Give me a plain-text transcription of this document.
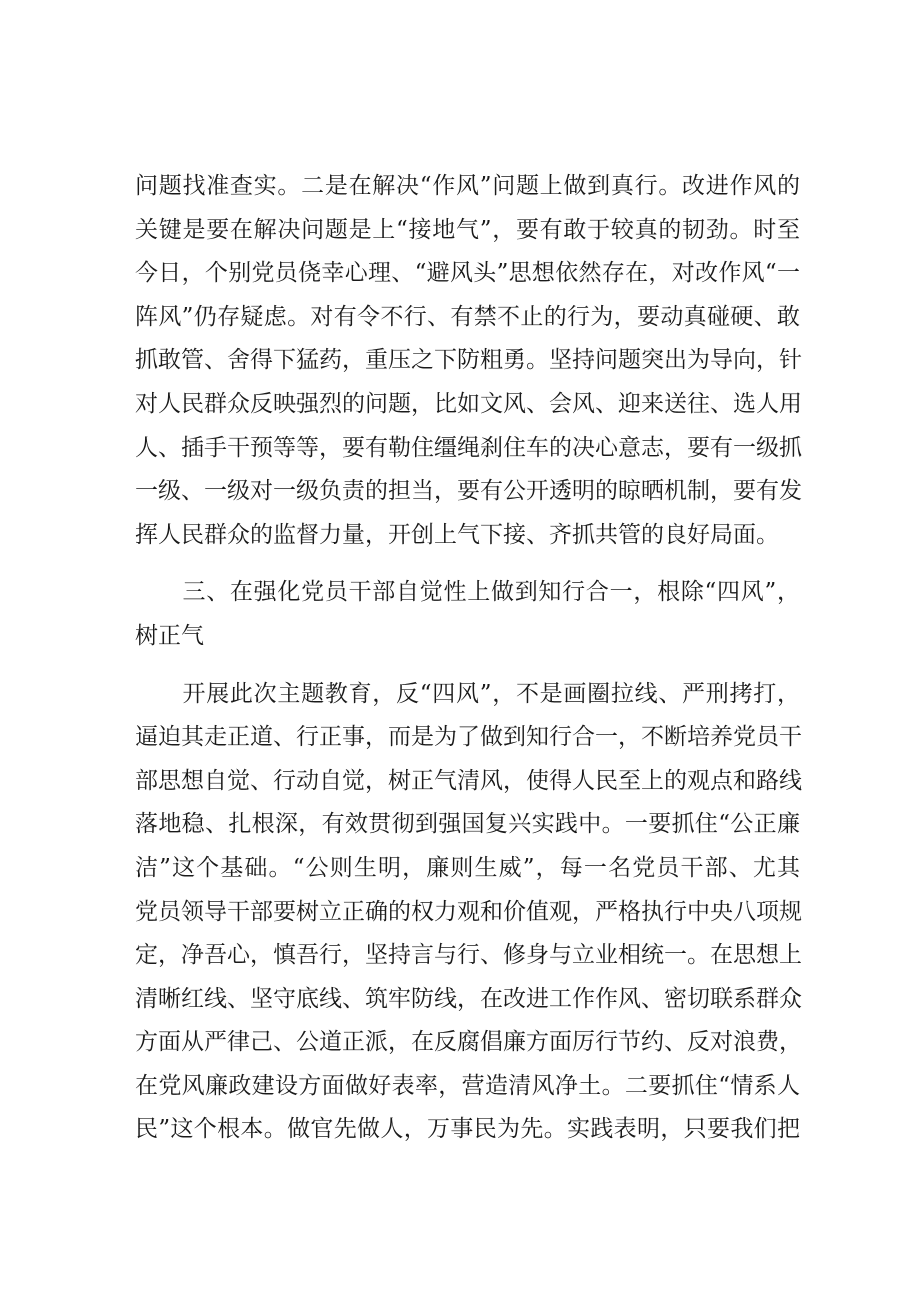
问题找准查实。二是在解决“作风”问题上做到真行。改进作风的
关键是要在解决问题是上“接地气”，要有敢于较真的韧劲。时至
今日，个别党员侥幸心理、“避风头”思想依然存在，对改作风“一
阵风”仍存疑虑。对有令不行、有禁不止的行为，要动真碰硬、敢
抓敢管、舍得下猛药，重压之下防粗勇。坚持问题突出为导向，针
对人民群众反映强烈的问题，比如文风、会风、迎来送往、选人用
人、插手干预等等，要有勒住缰绳刹住车的决心意志，要有一级抓
一级、一级对一级负责的担当，要有公开透明的晾晒机制，要有发
挥人民群众的监督力量，开创上气下接、齐抓共管的良好局面。
　　三、在强化党员干部自觉性上做到知行合一，根除“四风”，
树正气
　　开展此次主题教育，反“四风”，不是画圈拉线、严刑拷打，
逼迫其走正道、行正事，而是为了做到知行合一，不断培养党员干
部思想自觉、行动自觉，树正气清风，使得人民至上的观点和路线
落地稳、扎根深，有效贯彻到强国复兴实践中。一要抓住“公正廉
洁”这个基础。“公则生明，廉则生威”，每一名党员干部、尤其
党员领导干部要树立正确的权力观和价值观，严格执行中央八项规
定，净吾心，慎吾行，坚持言与行、修身与立业相统一。在思想上
清晰红线、坚守底线、筑牢防线，在改进工作作风、密切联系群众
方面从严律己、公道正派，在反腐倡廉方面厉行节约、反对浪费，
在党风廉政建设方面做好表率，营造清风净土。二要抓住“情系人
民”这个根本。做官先做人，万事民为先。实践表明，只要我们把
